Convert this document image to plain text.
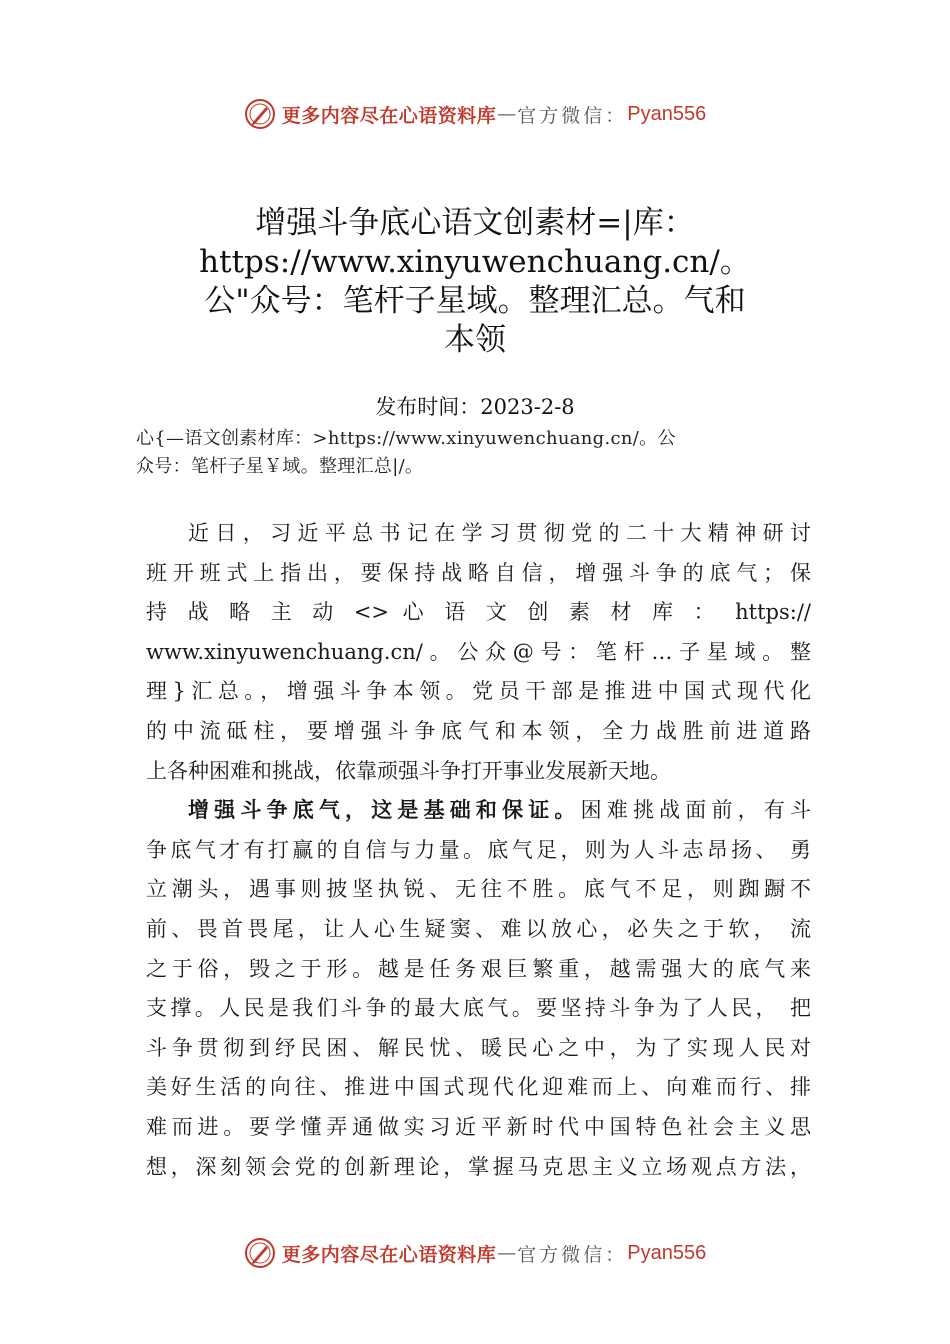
更多内容尽在心语资料库 — 官方微信： Pyan556
增强斗争底心语文创素材=|库：
https://www.xinyuwenchuang.cn/。
公"众号：笔杆子星域。整理汇总。气和
本领
发布时间：2023-2-8
心{—语文创素材库：>https://www.xinyuwenchuang.cn/。公
众号：笔杆子星￥域。整理汇总|/。
近日，习近平总书记在学习贯彻党的二十大精神研讨
班开班式上指出，要保持战略自信，增强斗争的底气；保
持 战 略 主 动 <> 心 语 文 创 素 材 库 ： https://
www.xinyuwenchuang.cn/。公众@号：笔杆…子星域。整
理}汇总。，增强斗争本领。党员干部是推进中国式现代化
的中流砥柱，要增强斗争底气和本领，全力战胜前进道路
上各种困难和挑战，依靠顽强斗争打开事业发展新天地。
增强斗争底气，这是基础和保证。困难挑战面前，有斗
争底气才有打赢的自信与力量。底气足，则为人斗志昂扬、 勇
立潮头，遇事则披坚执锐、无往不胜。底气不足，则踟蹰不
前、畏首畏尾，让人心生疑窦、难以放心，必失之于软， 流
之于俗，毁之于形。越是任务艰巨繁重，越需强大的底气来
支撑。人民是我们斗争的最大底气。要坚持斗争为了人民， 把
斗争贯彻到纾民困、解民忧、暖民心之中，为了实现人民对
美好生活的向往、推进中国式现代化迎难而上、向难而行、排
难而进。要学懂弄通做实习近平新时代中国特色社会主义思
想，深刻领会党的创新理论，掌握马克思主义立场观点方法，
更多内容尽在心语资料库 — 官方微信： Pyan556
